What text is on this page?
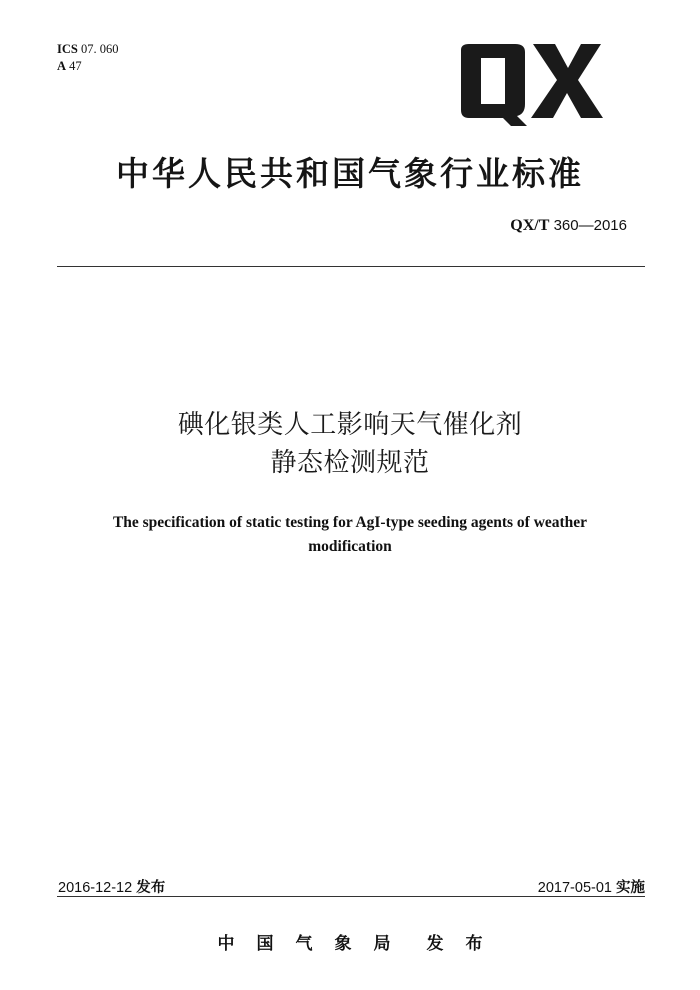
ICS 07. 060
A 47
中华人民共和国气象行业标准
QX/T 360—2016
碘化银类人工影响天气催化剂
静态检测规范
The specification of static testing for AgI-type seeding agents of weather modification
2016-12-12 发布	2017-05-01 实施
中 国 气 象 局 发 布
